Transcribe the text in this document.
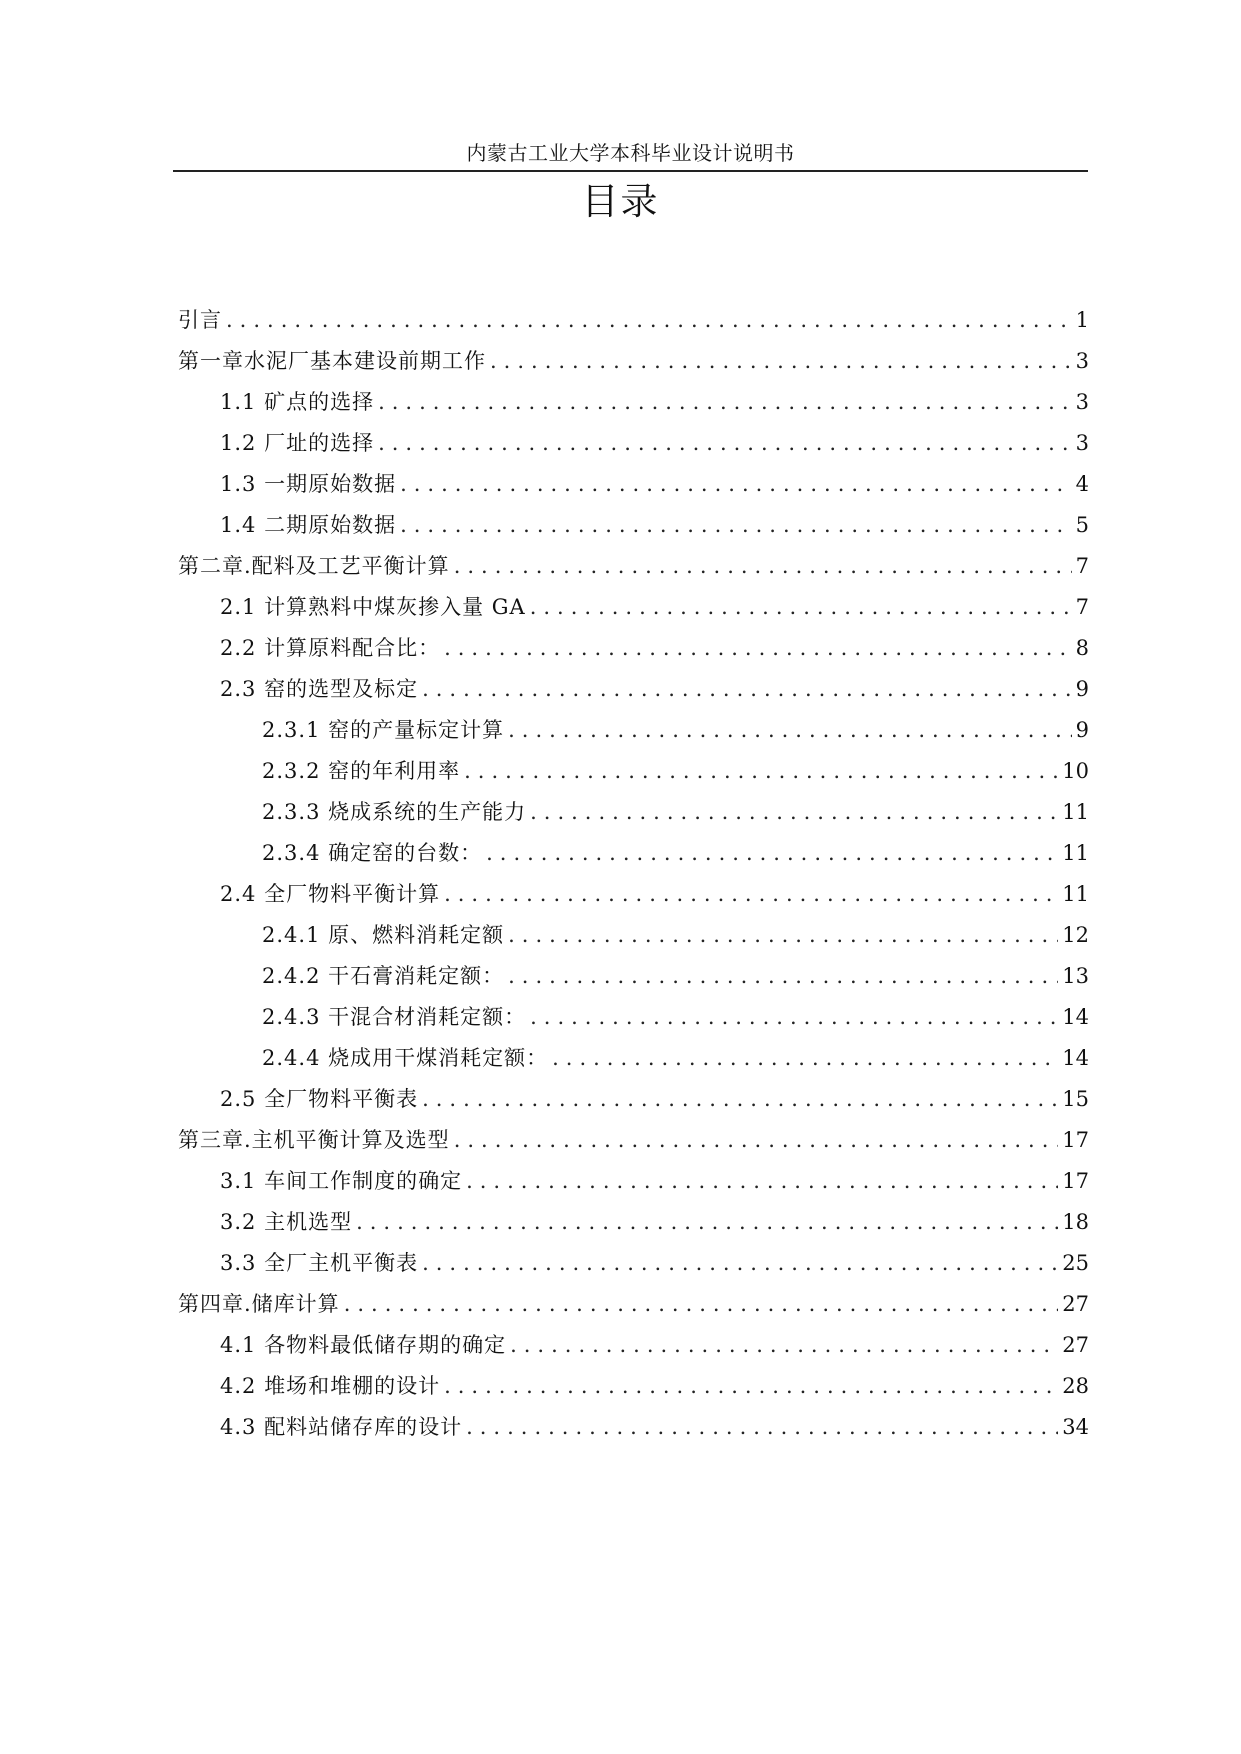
内蒙古工业大学本科毕业设计说明书
目录
引言 .....	1
第一章水泥厂基本建设前期工作 .....	3
1.1 矿点的选择 .....	3
1.2 厂址的选择 .....	3
1.3 一期原始数据 .....	4
1.4 二期原始数据 .....	5
第二章.配料及工艺平衡计算 .....	7
2.1 计算熟料中煤灰掺入量 GA .....	7
2.2 计算原料配合比： .....	8
2.3 窑的选型及标定 .....	9
2.3.1 窑的产量标定计算 .....	9
2.3.2 窑的年利用率 .....	10
2.3.3 烧成系统的生产能力 .....	11
2.3.4 确定窑的台数： .....	11
2.4 全厂物料平衡计算 .....	11
2.4.1 原、燃料消耗定额 .....	12
2.4.2 干石膏消耗定额： .....	13
2.4.3 干混合材消耗定额： .....	14
2.4.4 烧成用干煤消耗定额： .....	14
2.5 全厂物料平衡表 .....	15
第三章.主机平衡计算及选型 .....	17
3.1 车间工作制度的确定 .....	17
3.2 主机选型 .....	18
3.3 全厂主机平衡表 .....	25
第四章.储库计算 .....	27
4.1 各物料最低储存期的确定 .....	27
4.2 堆场和堆棚的设计 .....	28
4.3 配料站储存库的设计 .....	34
